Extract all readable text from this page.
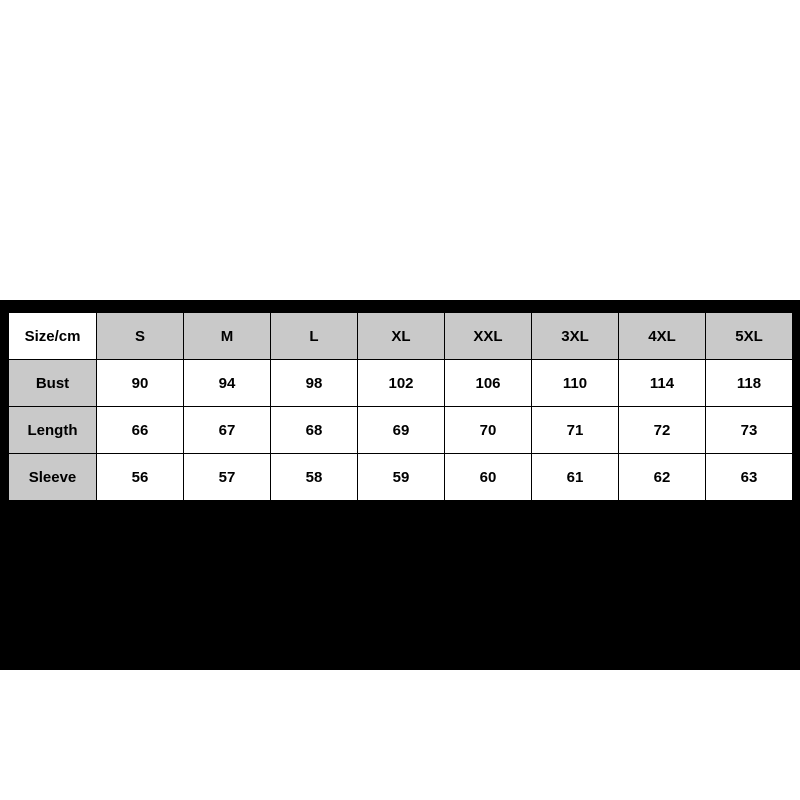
Size/cm	S	M	L	XL	XXL	3XL	4XL	5XL
Bust	90	94	98	102	106	110	114	118
Length	66	67	68	69	70	71	72	73
Sleeve	56	57	58	59	60	61	62	63
